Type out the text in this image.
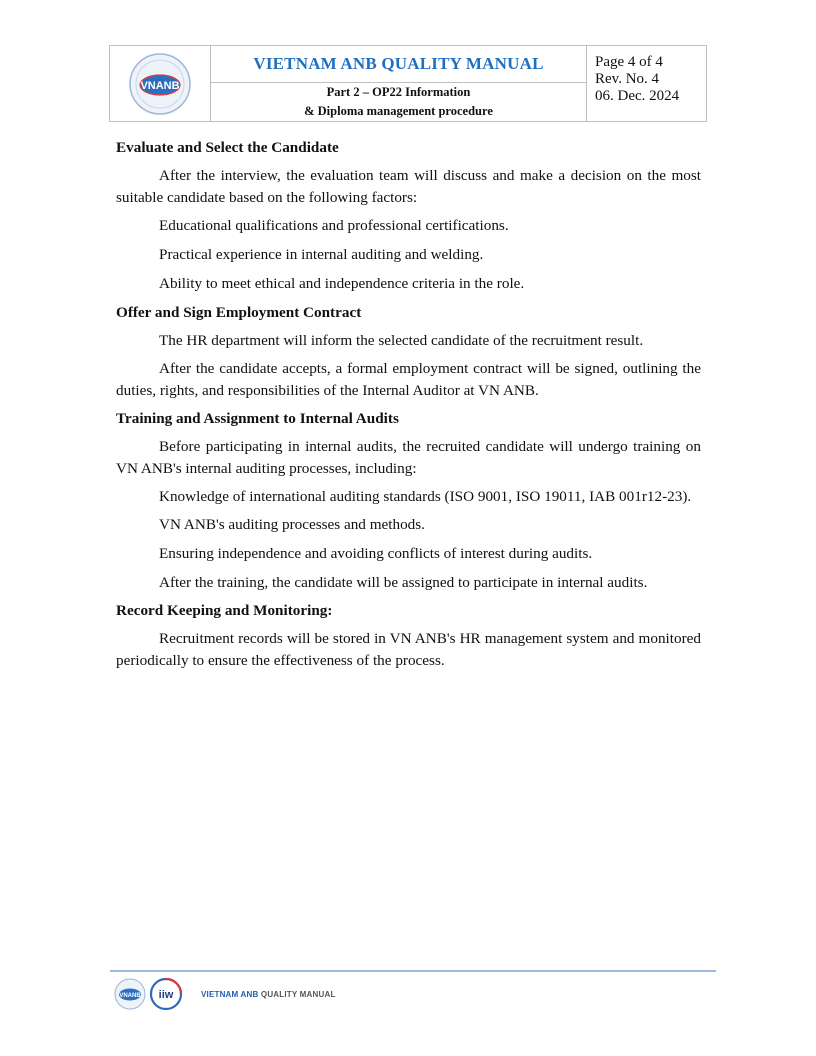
VNANB
VIETNAM ANB QUALITY MANUAL
Part 2 – OP22 Information
& Diploma management procedure
Page 4 of 4
Rev. No. 4
06. Dec. 2024
Evaluate and Select the Candidate

After the interview, the evaluation team will discuss and make a decision on the most suitable candidate based on the following factors:

Educational qualifications and professional certifications.

Practical experience in internal auditing and welding.

Ability to meet ethical and independence criteria in the role.

Offer and Sign Employment Contract

The HR department will inform the selected candidate of the recruitment result.

After the candidate accepts, a formal employment contract will be signed, outlining the duties, rights, and responsibilities of the Internal Auditor at VN ANB.

Training and Assignment to Internal Audits

Before participating in internal audits, the recruited candidate will undergo training on VN ANB's internal auditing processes, including:

Knowledge of international auditing standards (ISO 9001, ISO 19011, IAB 001r12-23).

VN ANB's auditing processes and methods.

Ensuring independence and avoiding conflicts of interest during audits.

After the training, the candidate will be assigned to participate in internal audits.

Record Keeping and Monitoring:

Recruitment records will be stored in VN ANB's HR management system and monitored periodically to ensure the effectiveness of the process.

VNANB iiw	VIETNAM ANB QUALITY MANUAL
